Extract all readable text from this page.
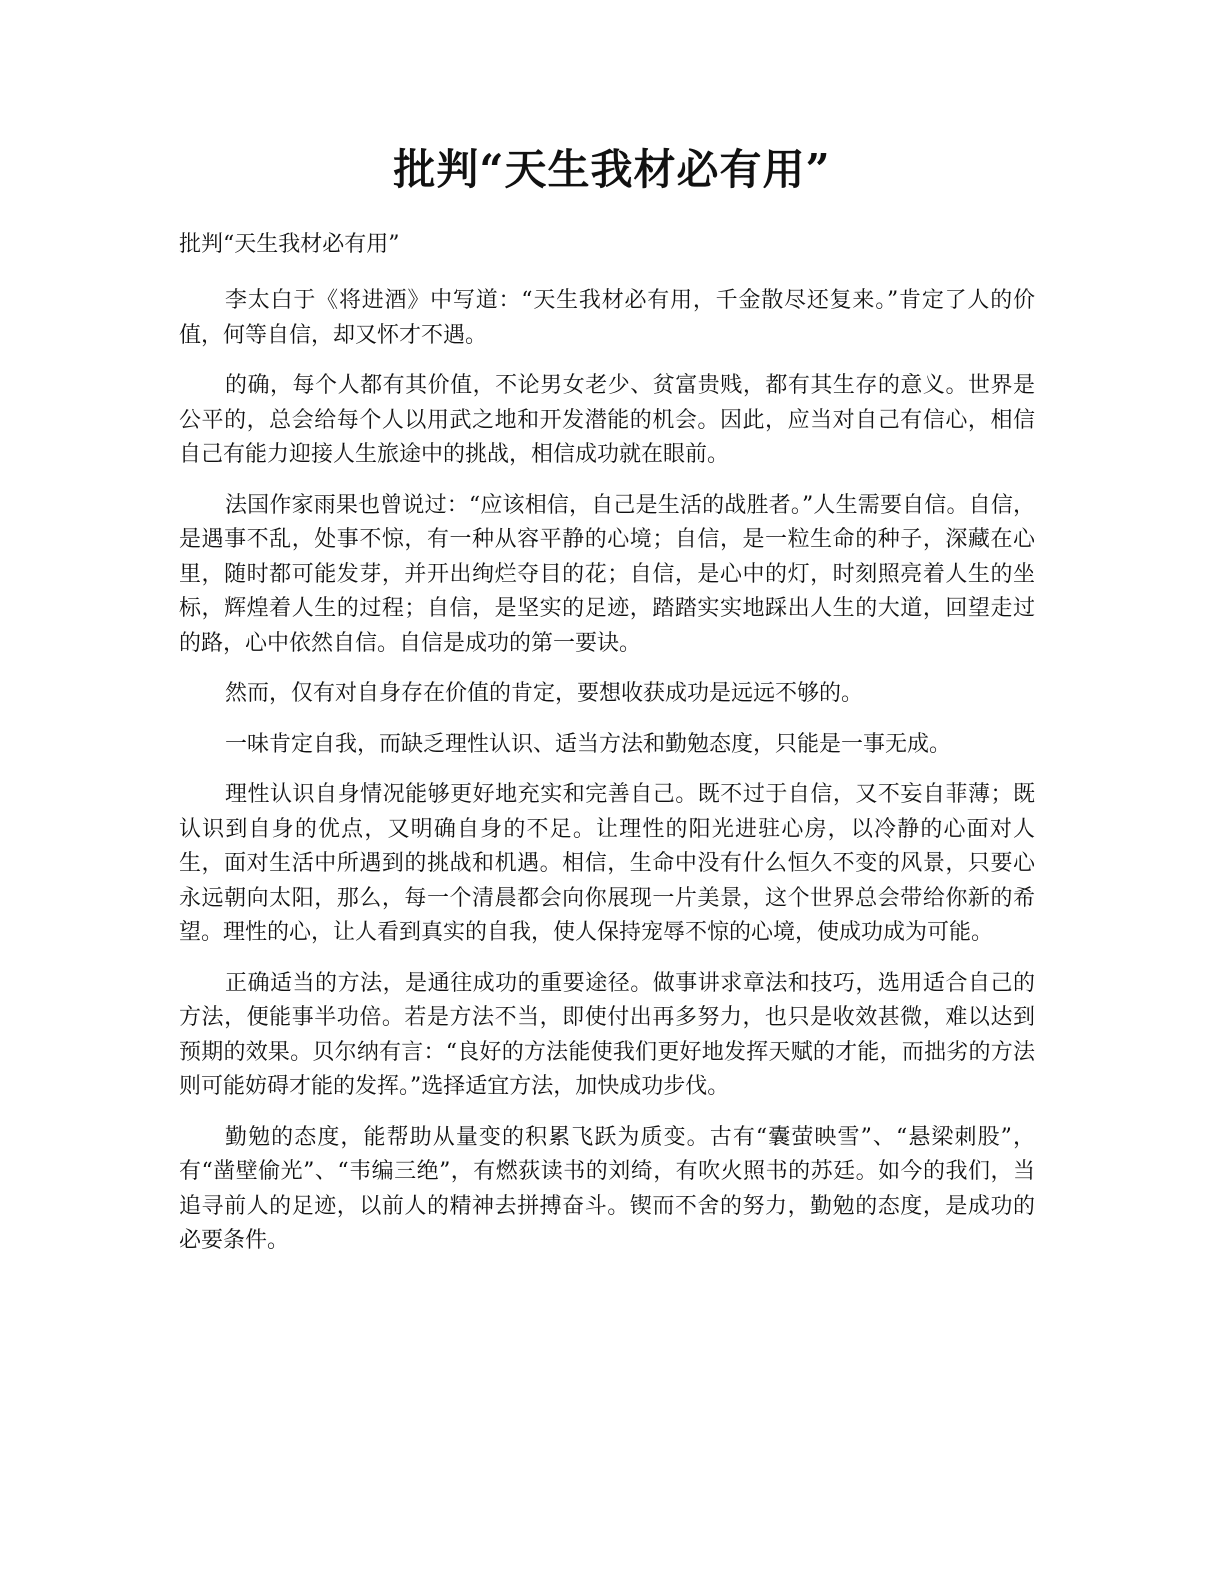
批判“天生我材必有用”

批判“天生我材必有用”

李太白于《将进酒》中写道：“天生我材必有用，千金散尽还复来。”肯定了人的价值，何等自信，却又怀才不遇。

的确，每个人都有其价值，不论男女老少、贫富贵贱，都有其生存的意义。世界是公平的，总会给每个人以用武之地和开发潜能的机会。因此，应当对自己有信心，相信自己有能力迎接人生旅途中的挑战，相信成功就在眼前。

法国作家雨果也曾说过：“应该相信，自己是生活的战胜者。”人生需要自信。自信，是遇事不乱，处事不惊，有一种从容平静的心境；自信，是一粒生命的种子，深藏在心里，随时都可能发芽，并开出绚烂夺目的花；自信，是心中的灯，时刻照亮着人生的坐标，辉煌着人生的过程；自信，是坚实的足迹，踏踏实实地踩出人生的大道，回望走过的路，心中依然自信。自信是成功的第一要诀。

然而，仅有对自身存在价值的肯定，要想收获成功是远远不够的。

一味肯定自我，而缺乏理性认识、适当方法和勤勉态度，只能是一事无成。

理性认识自身情况能够更好地充实和完善自己。既不过于自信，又不妄自菲薄；既认识到自身的优点，又明确自身的不足。让理性的阳光进驻心房，以冷静的心面对人生，面对生活中所遇到的挑战和机遇。相信，生命中没有什么恒久不变的风景，只要心永远朝向太阳，那么，每一个清晨都会向你展现一片美景，这个世界总会带给你新的希望。理性的心，让人看到真实的自我，使人保持宠辱不惊的心境，使成功成为可能。

正确适当的方法，是通往成功的重要途径。做事讲求章法和技巧，选用适合自己的方法，便能事半功倍。若是方法不当，即使付出再多努力，也只是收效甚微，难以达到预期的效果。贝尔纳有言：“良好的方法能使我们更好地发挥天赋的才能，而拙劣的方法则可能妨碍才能的发挥。”选择适宜方法，加快成功步伐。

勤勉的态度，能帮助从量变的积累飞跃为质变。古有“囊萤映雪”、“悬梁刺股”，有“凿壁偷光”、“韦编三绝”，有燃荻读书的刘绮，有吹火照书的苏廷。如今的我们，当追寻前人的足迹，以前人的精神去拼搏奋斗。锲而不舍的努力，勤勉的态度，是成功的必要条件。
